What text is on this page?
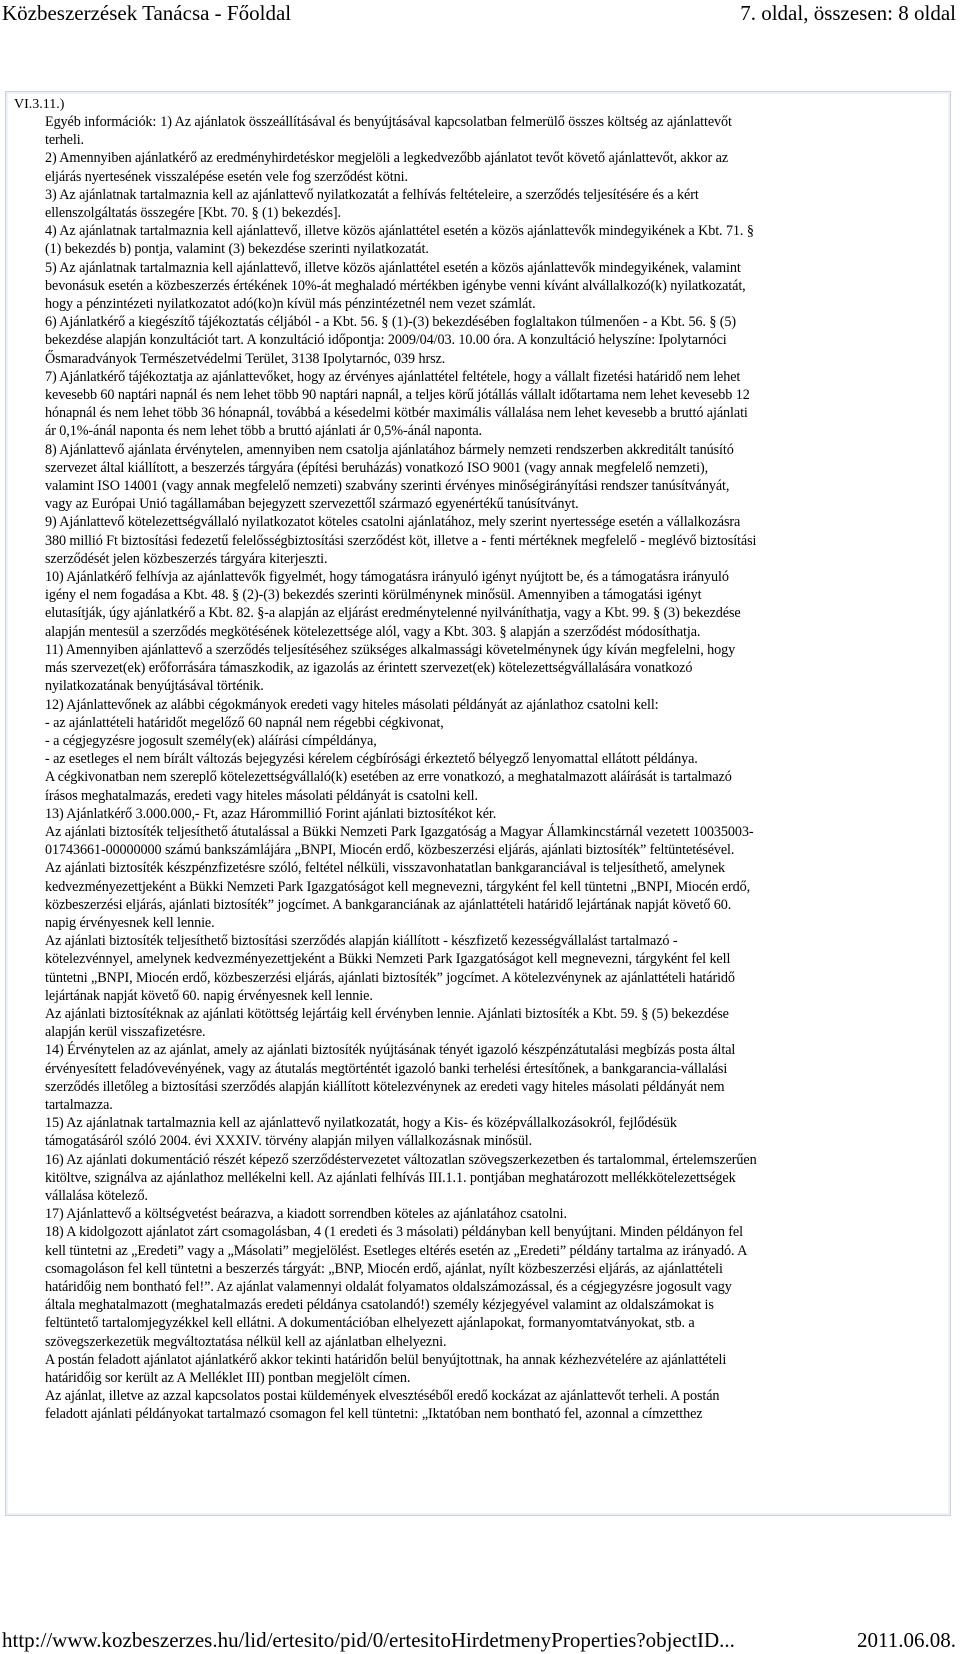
Közbeszerzések Tanácsa - Főoldal	7. oldal, összesen: 8 oldal
VI.3.11.)
Egyéb információk: 1) Az ajánlatok összeállításával és benyújtásával kapcsolatban felmerülő összes költség az ajánlattevőt
terheli.
2) Amennyiben ajánlatkérő az eredményhirdetéskor megjelöli a legkedvezőbb ajánlatot tevőt követő ajánlattevőt, akkor az
eljárás nyertesének visszalépése esetén vele fog szerződést kötni.
3) Az ajánlatnak tartalmaznia kell az ajánlattevő nyilatkozatát a felhívás feltételeire, a szerződés teljesítésére és a kért
ellenszolgáltatás összegére [Kbt. 70. § (1) bekezdés].
4) Az ajánlatnak tartalmaznia kell ajánlattevő, illetve közös ajánlattétel esetén a közös ajánlattevők mindegyikének a Kbt. 71. §
(1) bekezdés b) pontja, valamint (3) bekezdése szerinti nyilatkozatát.
5) Az ajánlatnak tartalmaznia kell ajánlattevő, illetve közös ajánlattétel esetén a közös ajánlattevők mindegyikének, valamint
bevonásuk esetén a közbeszerzés értékének 10%-át meghaladó mértékben igénybe venni kívánt alvállalkozó(k) nyilatkozatát,
hogy a pénzintézeti nyilatkozatot adó(ko)n kívül más pénzintézetnél nem vezet számlát.
6) Ajánlatkérő a kiegészítő tájékoztatás céljából - a Kbt. 56. § (1)-(3) bekezdésében foglaltakon túlmenően - a Kbt. 56. § (5)
bekezdése alapján konzultációt tart. A konzultáció időpontja: 2009/04/03. 10.00 óra. A konzultáció helyszíne: Ipolytarnóci
Ősmaradványok Természetvédelmi Terület, 3138 Ipolytarnóc, 039 hrsz.
7) Ajánlatkérő tájékoztatja az ajánlattevőket, hogy az érvényes ajánlattétel feltétele, hogy a vállalt fizetési határidő nem lehet
kevesebb 60 naptári napnál és nem lehet több 90 naptári napnál, a teljes körű jótállás vállalt időtartama nem lehet kevesebb 12
hónapnál és nem lehet több 36 hónapnál, továbbá a késedelmi kötbér maximális vállalása nem lehet kevesebb a bruttó ajánlati
ár 0,1%-ánál naponta és nem lehet több a bruttó ajánlati ár 0,5%-ánál naponta.
8) Ajánlattevő ajánlata érvénytelen, amennyiben nem csatolja ajánlatához bármely nemzeti rendszerben akkreditált tanúsító
szervezet által kiállított, a beszerzés tárgyára (építési beruházás) vonatkozó ISO 9001 (vagy annak megfelelő nemzeti),
valamint ISO 14001 (vagy annak megfelelő nemzeti) szabvány szerinti érvényes minőségirányítási rendszer tanúsítványát,
vagy az Európai Unió tagállamában bejegyzett szervezettől származó egyenértékű tanúsítványt.
9) Ajánlattevő kötelezettségvállaló nyilatkozatot köteles csatolni ajánlatához, mely szerint nyertessége esetén a vállalkozásra
380 millió Ft biztosítási fedezetű felelősségbiztosítási szerződést köt, illetve a - fenti mértéknek megfelelő - meglévő biztosítási
szerződését jelen közbeszerzés tárgyára kiterjeszti.
10) Ajánlatkérő felhívja az ajánlattevők figyelmét, hogy támogatásra irányuló igényt nyújtott be, és a támogatásra irányuló
igény el nem fogadása a Kbt. 48. § (2)-(3) bekezdés szerinti körülménynek minősül. Amennyiben a támogatási igényt
elutasítják, úgy ajánlatkérő a Kbt. 82. §-a alapján az eljárást eredménytelenné nyilváníthatja, vagy a Kbt. 99. § (3) bekezdése
alapján mentesül a szerződés megkötésének kötelezettsége alól, vagy a Kbt. 303. § alapján a szerződést módosíthatja.
11) Amennyiben ajánlattevő a szerződés teljesítéséhez szükséges alkalmassági követelménynek úgy kíván megfelelni, hogy
más szervezet(ek) erőforrására támaszkodik, az igazolás az érintett szervezet(ek) kötelezettségvállalására vonatkozó
nyilatkozatának benyújtásával történik.
12) Ajánlattevőnek az alábbi cégokmányok eredeti vagy hiteles másolati példányát az ajánlathoz csatolni kell:
- az ajánlattételi határidőt megelőző 60 napnál nem régebbi cégkivonat,
- a cégjegyzésre jogosult személy(ek) aláírási címpéldánya,
- az esetleges el nem bírált változás bejegyzési kérelem cégbírósági érkeztető bélyegző lenyomattal ellátott példánya.
A cégkivonatban nem szereplő kötelezettségvállaló(k) esetében az erre vonatkozó, a meghatalmazott aláírását is tartalmazó
írásos meghatalmazás, eredeti vagy hiteles másolati példányát is csatolni kell.
13) Ajánlatkérő 3.000.000,- Ft, azaz Hárommillió Forint ajánlati biztosítékot kér.
Az ajánlati biztosíték teljesíthető átutalással a Bükki Nemzeti Park Igazgatóság a Magyar Államkincstárnál vezetett 10035003-
01743661-00000000 számú bankszámlájára „BNPI, Miocén erdő, közbeszerzési eljárás, ajánlati biztosíték” feltüntetésével.
Az ajánlati biztosíték készpénzfizetésre szóló, feltétel nélküli, visszavonhatatlan bankgaranciával is teljesíthető, amelynek
kedvezményezettjeként a Bükki Nemzeti Park Igazgatóságot kell megnevezni, tárgyként fel kell tüntetni „BNPI, Miocén erdő,
közbeszerzési eljárás, ajánlati biztosíték” jogcímet. A bankgaranciának az ajánlattételi határidő lejártának napját követő 60.
napig érvényesnek kell lennie.
Az ajánlati biztosíték teljesíthető biztosítási szerződés alapján kiállított - készfizető kezességvállalást tartalmazó -
kötelezvénnyel, amelynek kedvezményezettjeként a Bükki Nemzeti Park Igazgatóságot kell megnevezni, tárgyként fel kell
tüntetni „BNPI, Miocén erdő, közbeszerzési eljárás, ajánlati biztosíték” jogcímet. A kötelezvénynek az ajánlattételi határidő
lejártának napját követő 60. napig érvényesnek kell lennie.
Az ajánlati biztosítéknak az ajánlati kötöttség lejártáig kell érvényben lennie. Ajánlati biztosíték a Kbt. 59. § (5) bekezdése
alapján kerül visszafizetésre.
14) Érvénytelen az az ajánlat, amely az ajánlati biztosíték nyújtásának tényét igazoló készpénzátutalási megbízás posta által
érvényesített feladóvevényének, vagy az átutalás megtörténtét igazoló banki terhelési értesítőnek, a bankgarancia-vállalási
szerződés illetőleg a biztosítási szerződés alapján kiállított kötelezvénynek az eredeti vagy hiteles másolati példányát nem
tartalmazza.
15) Az ajánlatnak tartalmaznia kell az ajánlattevő nyilatkozatát, hogy a Kis- és középvállalkozásokról, fejlődésük
támogatásáról szóló 2004. évi XXXIV. törvény alapján milyen vállalkozásnak minősül.
16) Az ajánlati dokumentáció részét képező szerződéstervezetet változatlan szövegszerkezetben és tartalommal, értelemszerűen
kitöltve, szignálva az ajánlathoz mellékelni kell. Az ajánlati felhívás III.1.1. pontjában meghatározott mellékkötelezettségek
vállalása kötelező.
17) Ajánlattevő a költségvetést beárazva, a kiadott sorrendben köteles az ajánlatához csatolni.
18) A kidolgozott ajánlatot zárt csomagolásban, 4 (1 eredeti és 3 másolati) példányban kell benyújtani. Minden példányon fel
kell tüntetni az „Eredeti” vagy a „Másolati” megjelölést. Esetleges eltérés esetén az „Eredeti” példány tartalma az irányadó. A
csomagoláson fel kell tüntetni a beszerzés tárgyát: „BNP, Miocén erdő, ajánlat, nyílt közbeszerzési eljárás, az ajánlattételi
határidőig nem bontható fel!”. Az ajánlat valamennyi oldalát folyamatos oldalszámozással, és a cégjegyzésre jogosult vagy
általa meghatalmazott (meghatalmazás eredeti példánya csatolandó!) személy kézjegyével valamint az oldalszámokat is
feltüntető tartalomjegyzékkel kell ellátni. A dokumentációban elhelyezett ajánlapokat, formanyomtatványokat, stb. a
szövegszerkezetük megváltoztatása nélkül kell az ajánlatban elhelyezni.
A postán feladott ajánlatot ajánlatkérő akkor tekinti határidőn belül benyújtottnak, ha annak kézhezvételére az ajánlattételi
határidőig sor került az A Melléklet III) pontban megjelölt címen.
Az ajánlat, illetve az azzal kapcsolatos postai küldemények elvesztéséből eredő kockázat az ajánlattevőt terheli. A postán
feladott ajánlati példányokat tartalmazó csomagon fel kell tüntetni: „Iktatóban nem bontható fel, azonnal a címzetthez
http://www.kozbeszerzes.hu/lid/ertesito/pid/0/ertesitoHirdetmenyProperties?objectID...	2011.06.08.
